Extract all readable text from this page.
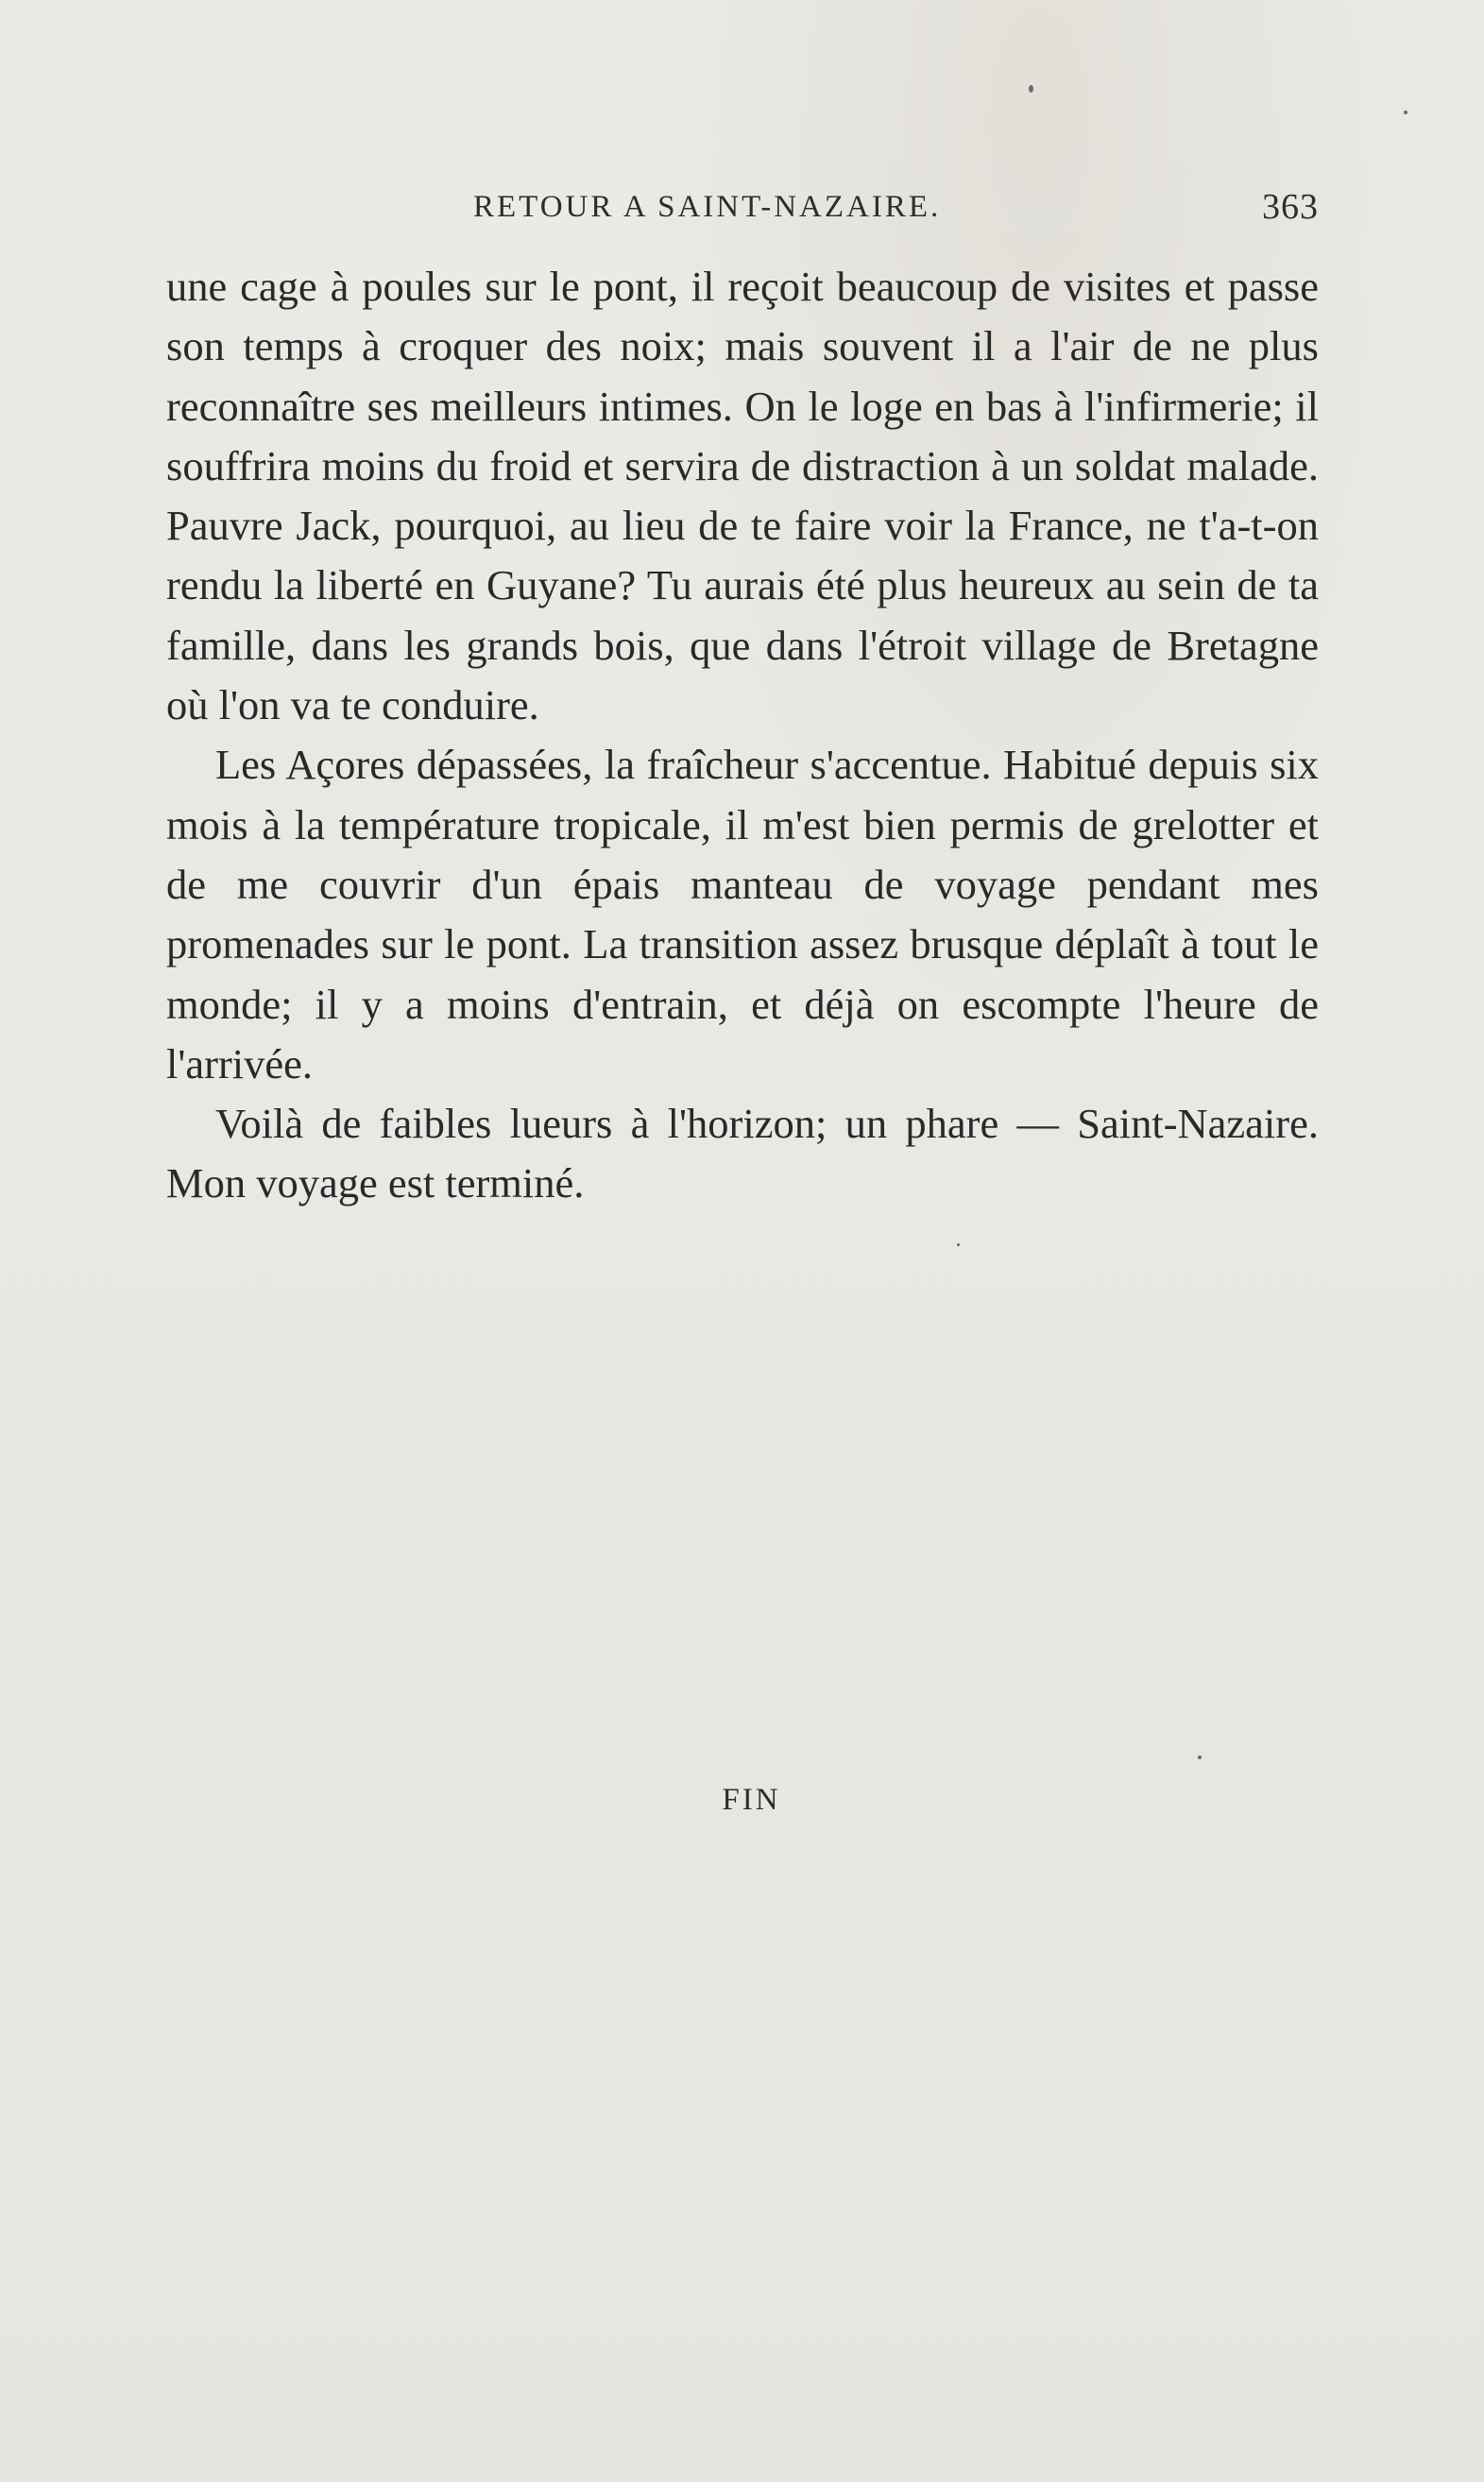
RETOUR A SAINT-NAZAIRE.	363

une cage à poules sur le pont, il reçoit beaucoup de visites et passe son temps à croquer des noix; mais souvent il a l'air de ne plus reconnaître ses meilleurs intimes. On le loge en bas à l'infirmerie; il souffrira moins du froid et servira de distraction à un soldat malade. Pauvre Jack, pourquoi, au lieu de te faire voir la France, ne t'a-t-on rendu la liberté en Guyane? Tu aurais été plus heureux au sein de ta famille, dans les grands bois, que dans l'étroit village de Bretagne où l'on va te conduire.

Les Açores dépassées, la fraîcheur s'accentue. Habitué depuis six mois à la température tropicale, il m'est bien permis de grelotter et de me couvrir d'un épais manteau de voyage pendant mes promenades sur le pont. La transition assez brusque déplaît à tout le monde; il y a moins d'entrain, et déjà on escompte l'heure de l'arrivée.

Voilà de faibles lueurs à l'horizon; un phare — Saint-Nazaire. Mon voyage est terminé.

FIN
